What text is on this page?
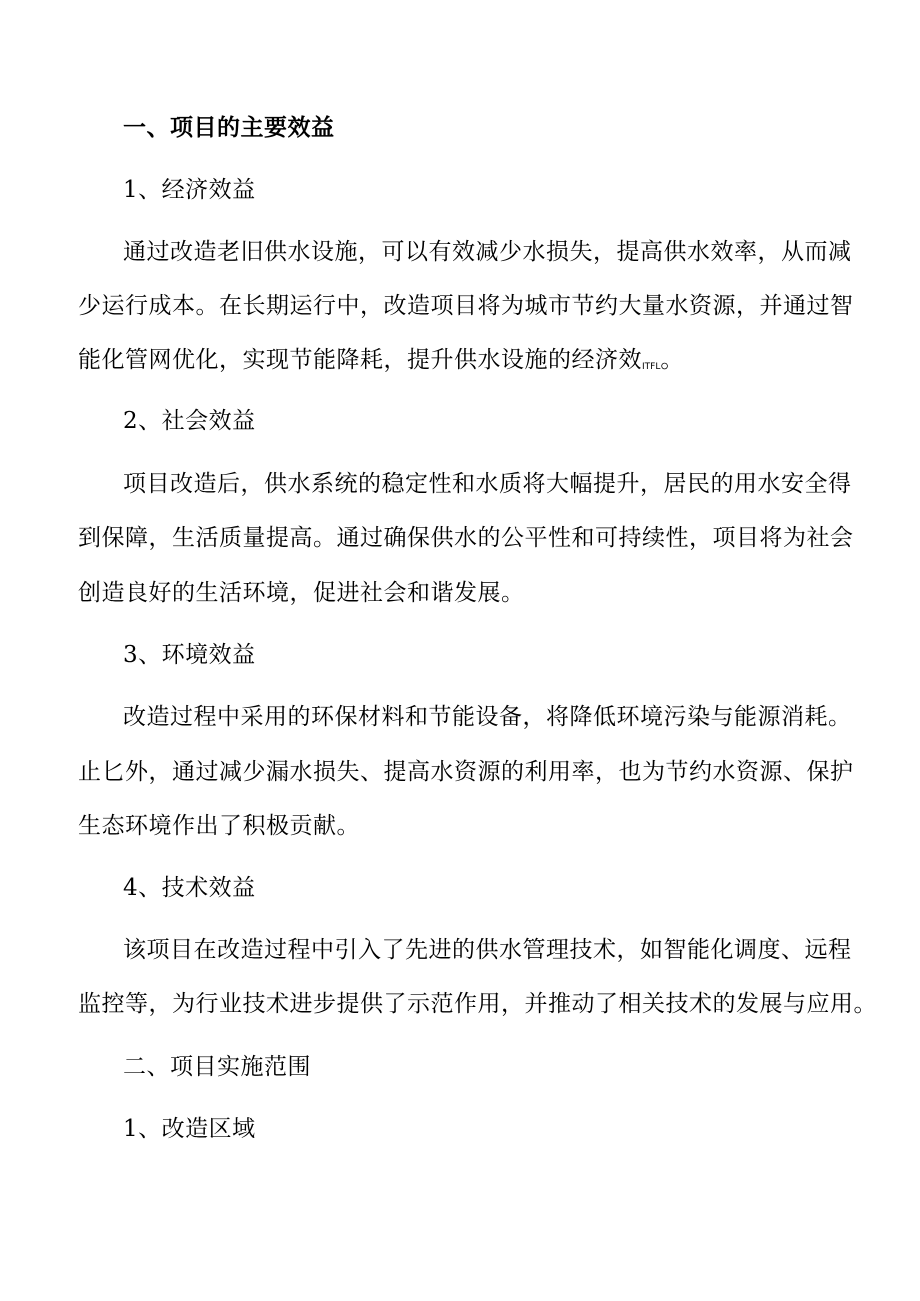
一、项目的主要效益

1、经济效益

通过改造老旧供水设施，可以有效减少水损失，提高供水效率，从而减

少运行成本。在长期运行中，改造项目将为城市节约大量水资源，并通过智

能化管网优化，实现节能降耗，提升供水设施的经济效ITFL。

2、社会效益

项目改造后，供水系统的稳定性和水质将大幅提升，居民的用水安全得

到保障，生活质量提高。通过确保供水的公平性和可持续性，项目将为社会

创造良好的生活环境，促进社会和谐发展。

3、环境效益

改造过程中采用的环保材料和节能设备，将降低环境污染与能源消耗。

止匕外，通过减少漏水损失、提高水资源的利用率，也为节约水资源、保护

生态环境作出了积极贡献。

4、技术效益

该项目在改造过程中引入了先进的供水管理技术，如智能化调度、远程

监控等，为行业技术进步提供了示范作用，并推动了相关技术的发展与应用。

二、项目实施范围

1、改造区域
